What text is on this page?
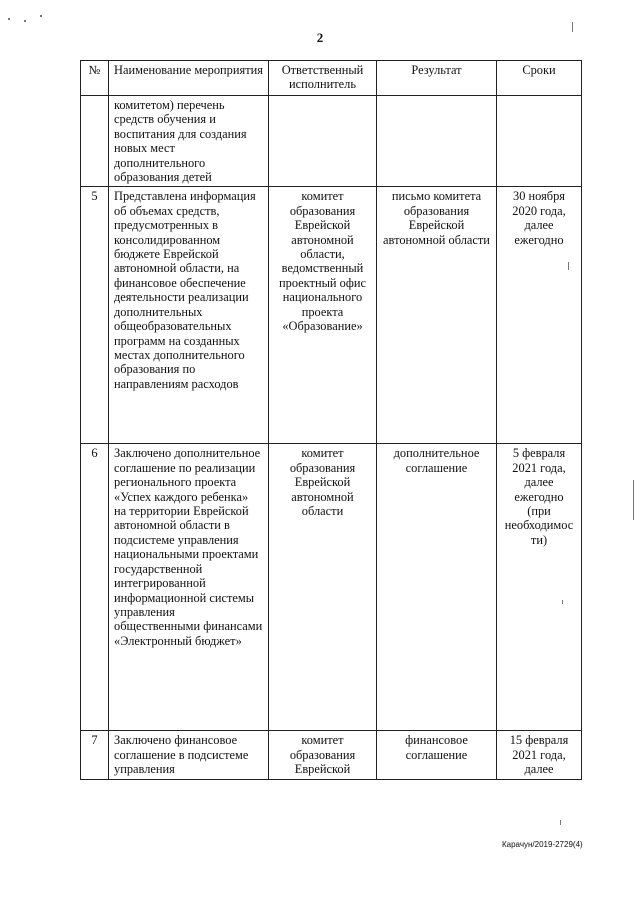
2
№	Наименование мероприятия	Ответственный исполнитель	Результат	Сроки
	комитетом) перечень средств обучения и воспитания для создания новых мест дополнительного образования детей			
5	Представлена информация об объемах средств, предусмотренных в консолидированном бюджете Еврейской автономной области, на финансовое обеспечение деятельности реализации дополнительных общеобразовательных программ на созданных местах дополнительного образования по направлениям расходов	комитет образования Еврейской автономной области, ведомственный проектный офис национального проекта «Образование»	письмо комитета образования Еврейской автономной области	30 ноября 2020 года, далее ежегодно
6	Заключено дополнительное соглашение по реализации регионального проекта «Успех каждого ребенка» на территории Еврейской автономной области в подсистеме управления национальными проектами государственной интегрированной информационной системы управления общественными финансами «Электронный бюджет»	комитет образования Еврейской автономной области	дополнительное соглашение	5 февраля 2021 года, далее ежегодно (при необходимос ти)
7	Заключено финансовое соглашение в подсистеме управления	комитет образования Еврейской	финансовое соглашение	15 февраля 2021 года, далее
Карачун/2019-2729(4)
